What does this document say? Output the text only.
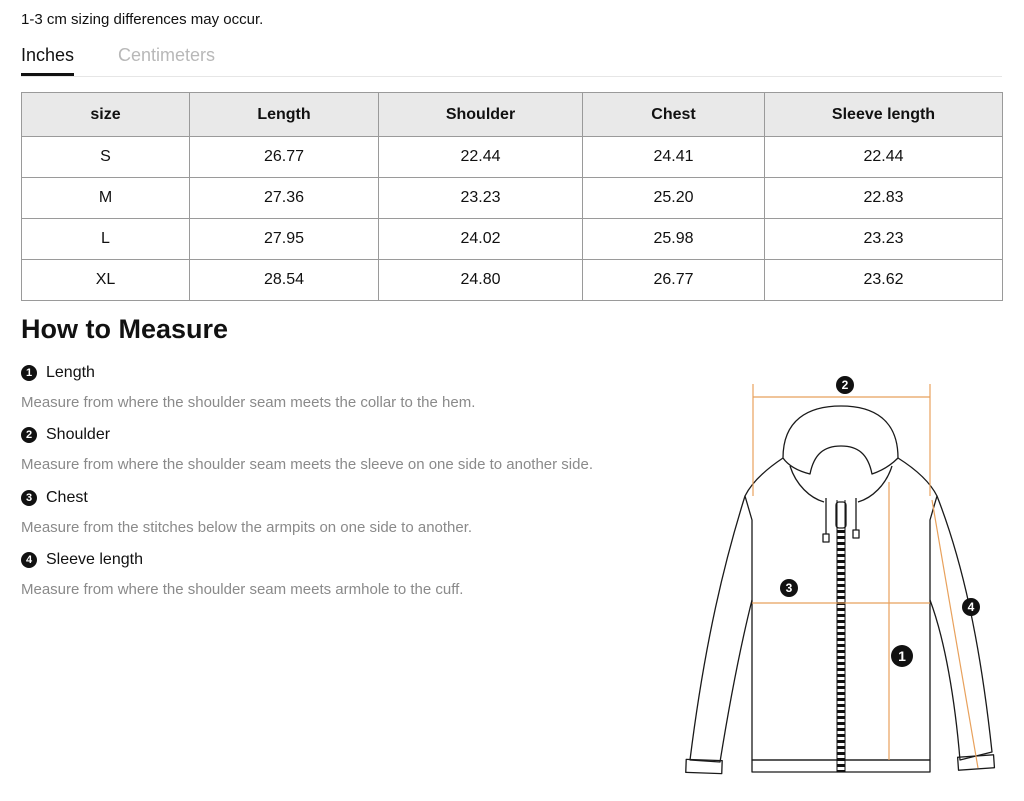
1-3 cm sizing differences may occur.
Inches Centimeters
size	Length	Shoulder	Chest	Sleeve length
S	26.77	22.44	24.41	22.44
M	27.36	23.23	25.20	22.83
L	27.95	24.02	25.98	23.23
XL	28.54	24.80	26.77	23.62
How to Measure
1 Length
Measure from where the shoulder seam meets the collar to the hem.
2 Shoulder
Measure from where the shoulder seam meets the sleeve on one side to another side.
3 Chest
Measure from the stitches below the armpits on one side to another.
4 Sleeve length
Measure from where the shoulder seam meets armhole to the cuff.
1
2
3
4
